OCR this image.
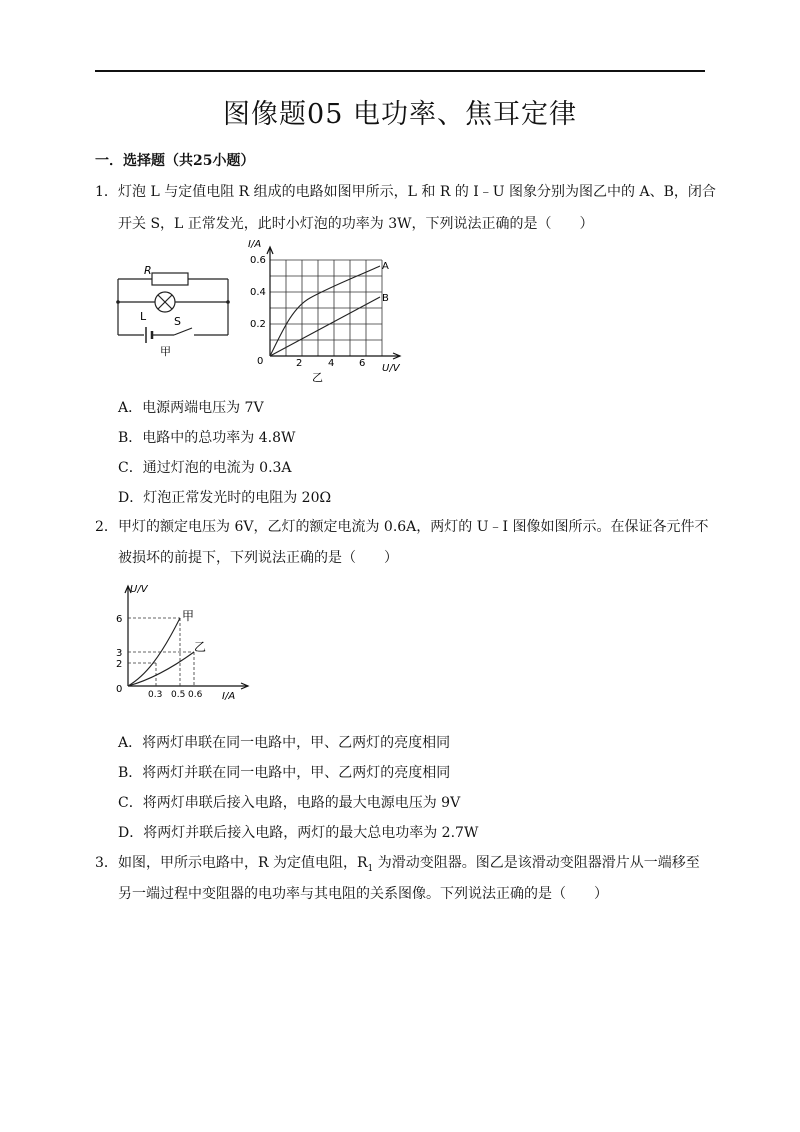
图像题05 电功率、焦耳定律
一．选择题（共25小题）
1． 灯泡 L 与定值电阻 R 组成的电路如图甲所示，L 和 R 的 I﹣U 图象分别为图乙中的 A、B，闭合
开关 S，L 正常发光，此时小灯泡的功率为 3W，下列说法正确的是（　　）
R
L	S
甲
I/A
U/V
0.6
0.4
0.2
0	2	4 6
A
B
乙
A．电源两端电压为 7V
B．电路中的总功率为 4.8W
C．通过灯泡的电流为 0.3A
D．灯泡正常发光时的电阻为 20Ω
2． 甲灯的额定电压为 6V，乙灯的额定电流为 0.6A，两灯的 U﹣I 图像如图所示。在保证各元件不
被损坏的前提下，下列说法正确的是（　　）
U/V
I/A
6
3
2
0	0.3 0.5 0.6
甲
乙
A．将两灯串联在同一电路中，甲、乙两灯的亮度相同
B．将两灯并联在同一电路中，甲、乙两灯的亮度相同
C．将两灯串联后接入电路，电路的最大电源电压为 9V
D．将两灯并联后接入电路，两灯的最大总电功率为 2.7W
3． 如图，甲所示电路中，R 为定值电阻，$R_1$ 为滑动变阻器。图乙是该滑动变阻器滑片从一端移至
另一端过程中变阻器的电功率与其电阻的关系图像。下列说法正确的是（　　）
